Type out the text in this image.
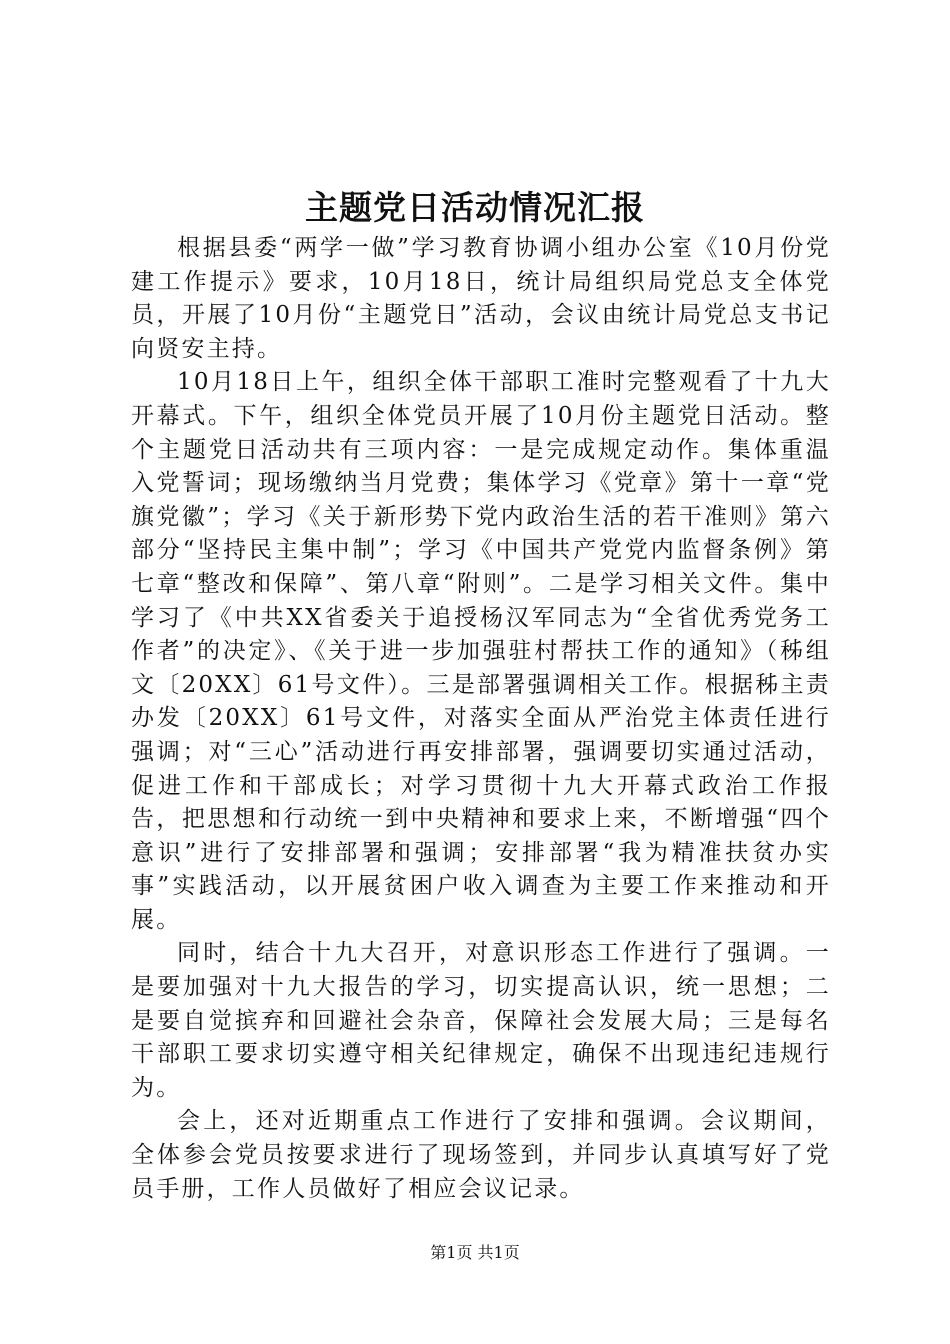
主题党日活动情况汇报

根据县委“两学一做”学习教育协调小组办公室《10月份党建工作提示》要求，10月18日，统计局组织局党总支全体党员，开展了10月份“主题党日”活动，会议由统计局党总支书记向贤安主持。

10月18日上午，组织全体干部职工准时完整观看了十九大开幕式。下午，组织全体党员开展了10月份主题党日活动。整个主题党日活动共有三项内容：一是完成规定动作。集体重温入党誓词；现场缴纳当月党费；集体学习《党章》第十一章“党旗党徽”；学习《关于新形势下党内政治生活的若干准则》第六部分“坚持民主集中制”；学习《中国共产党党内监督条例》第七章“整改和保障”、第八章“附则”。二是学习相关文件。集中学习了《中共XX省委关于追授杨汉军同志为“全省优秀党务工作者”的决定》、《关于进一步加强驻村帮扶工作的通知》（秭组文〔20XX〕61号文件）。三是部署强调相关工作。根据秭主责办发〔20XX〕61号文件，对落实全面从严治党主体责任进行强调；对“三心”活动进行再安排部署，强调要切实通过活动，促进工作和干部成长；对学习贯彻十九大开幕式政治工作报告，把思想和行动统一到中央精神和要求上来，不断增强“四个意识”进行了安排部署和强调；安排部署“我为精准扶贫办实事”实践活动，以开展贫困户收入调查为主要工作来推动和开展。

同时，结合十九大召开，对意识形态工作进行了强调。一是要加强对十九大报告的学习，切实提高认识，统一思想；二是要自觉摈弃和回避社会杂音，保障社会发展大局；三是每名干部职工要求切实遵守相关纪律规定，确保不出现违纪违规行为。

会上，还对近期重点工作进行了安排和强调。会议期间，全体参会党员按要求进行了现场签到，并同步认真填写好了党员手册，工作人员做好了相应会议记录。

第1页 共1页
